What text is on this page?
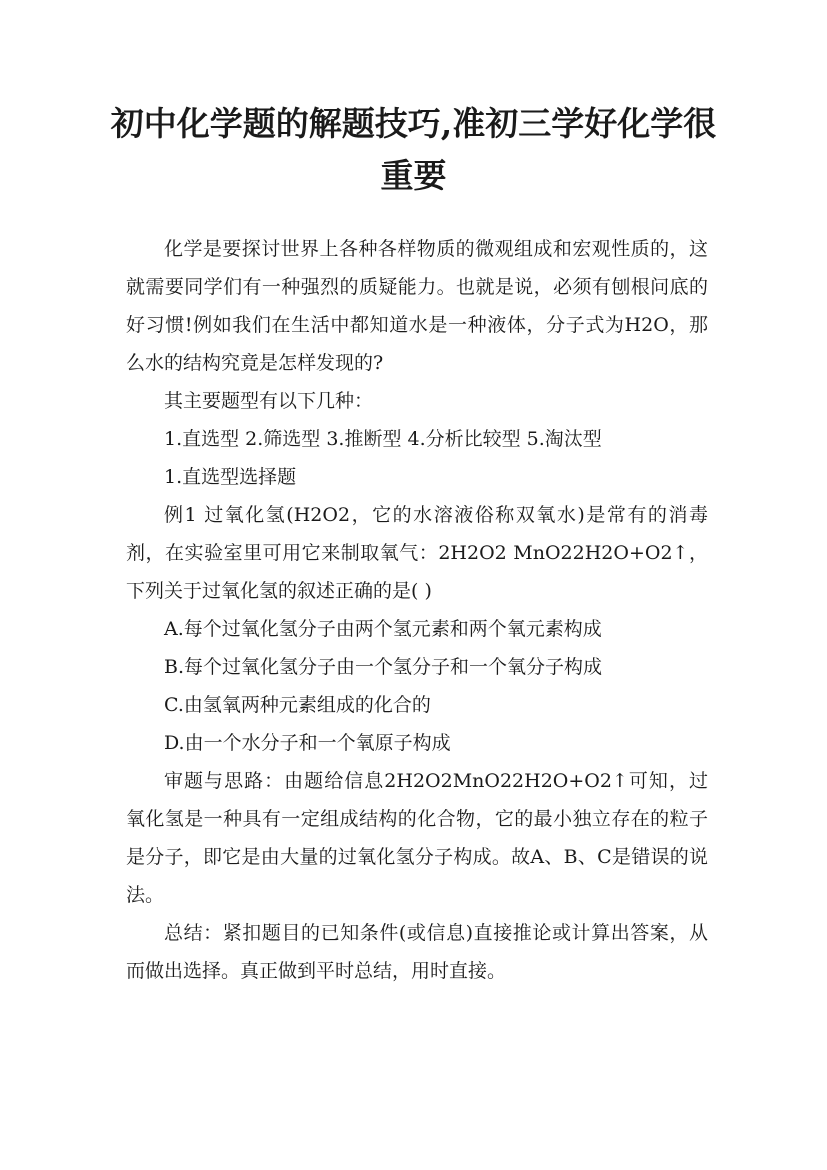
初中化学题的解题技巧,准初三学好化学很重要

化学是要探讨世界上各种各样物质的微观组成和宏观性质的，这就需要同学们有一种强烈的质疑能力。也就是说，必须有刨根问底的好习惯!例如我们在生活中都知道水是一种液体，分子式为H2O，那么水的结构究竟是怎样发现的?

其主要题型有以下几种：

1.直选型 2.筛选型 3.推断型 4.分析比较型 5.淘汰型

1.直选型选择题

例1 过氧化氢(H2O2，它的水溶液俗称双氧水)是常有的消毒剂，在实验室里可用它来制取氧气：2H2O2 MnO22H2O+O2↑，下列关于过氧化氢的叙述正确的是( )

A.每个过氧化氢分子由两个氢元素和两个氧元素构成

B.每个过氧化氢分子由一个氢分子和一个氧分子构成

C.由氢氧两种元素组成的化合的

D.由一个水分子和一个氧原子构成

审题与思路：由题给信息2H2O2MnO22H2O+O2↑可知，过氧化氢是一种具有一定组成结构的化合物，它的最小独立存在的粒子是分子，即它是由大量的过氧化氢分子构成。故A、B、C是错误的说法。

总结：紧扣题目的已知条件(或信息)直接推论或计算出答案，从而做出选择。真正做到平时总结，用时直接。
